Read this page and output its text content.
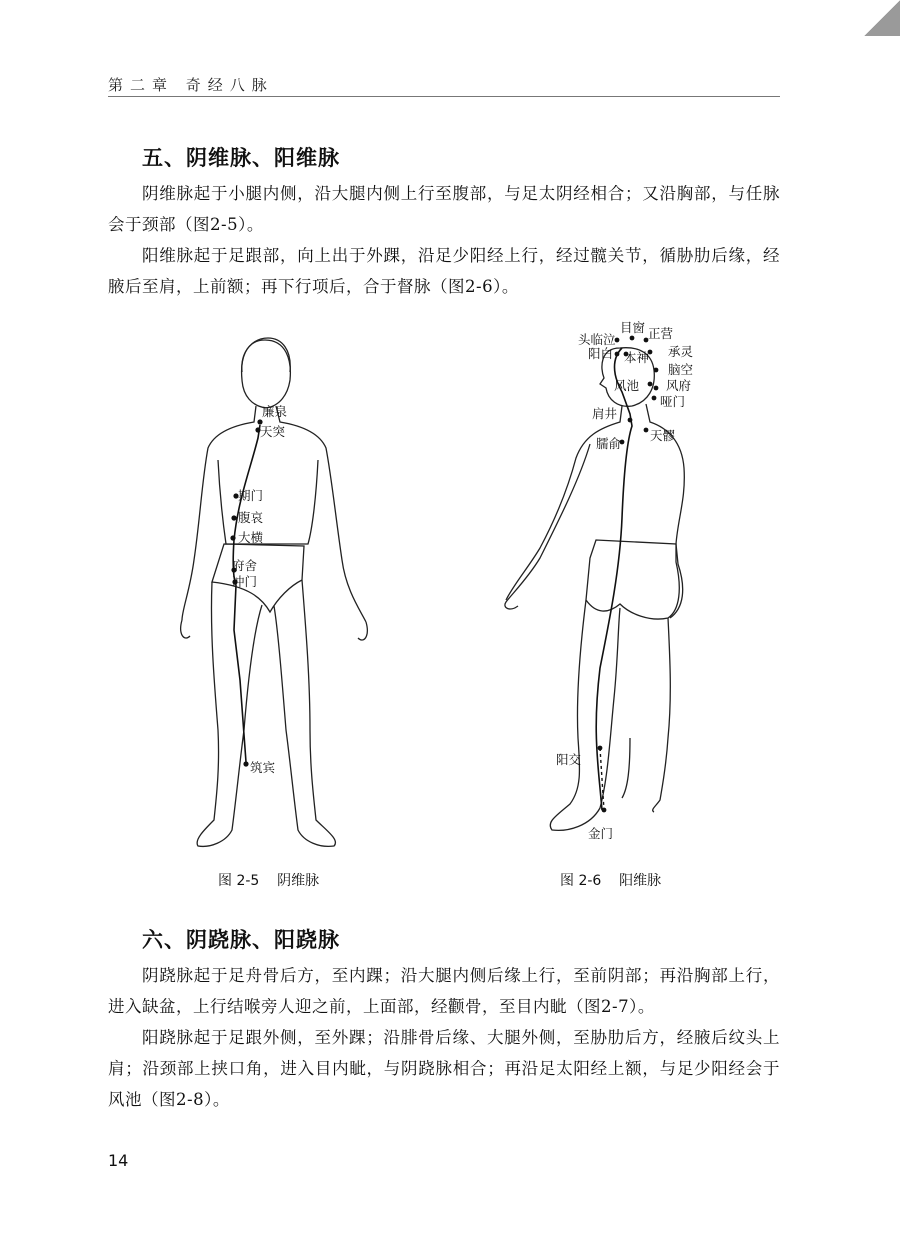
第二章 奇经八脉
五、阴维脉、阳维脉

阴维脉起于小腿内侧，沿大腿内侧上行至腹部，与足太阴经相合；又沿胸部，与任脉会于颈部（图2-5）。

阳维脉起于足跟部，向上出于外踝，沿足少阳经上行，经过髋关节，循胁肋后缘，经腋后至肩，上前额；再下行项后，合于督脉（图2-6）。

廉泉
天突
期门
腹哀
大横
府舍
冲门
筑宾
图 2-5    阴维脉
头临泣
目窗 正营
阳白 本神 承灵
脑空
风池 风府
哑门
肩井
天髎
臑俞
阳交
金门
图 2-6    阳维脉
六、阴跷脉、阳跷脉

阴跷脉起于足舟骨后方，至内踝；沿大腿内侧后缘上行，至前阴部；再沿胸部上行，进入缺盆，上行结喉旁人迎之前，上面部，经颧骨，至目内眦（图2-7）。

阳跷脉起于足跟外侧，至外踝；沿腓骨后缘、大腿外侧，至胁肋后方，经腋后纹头上肩；沿颈部上挟口角，进入目内眦，与阴跷脉相合；再沿足太阳经上额，与足少阳经会于风池（图2-8）。

14
